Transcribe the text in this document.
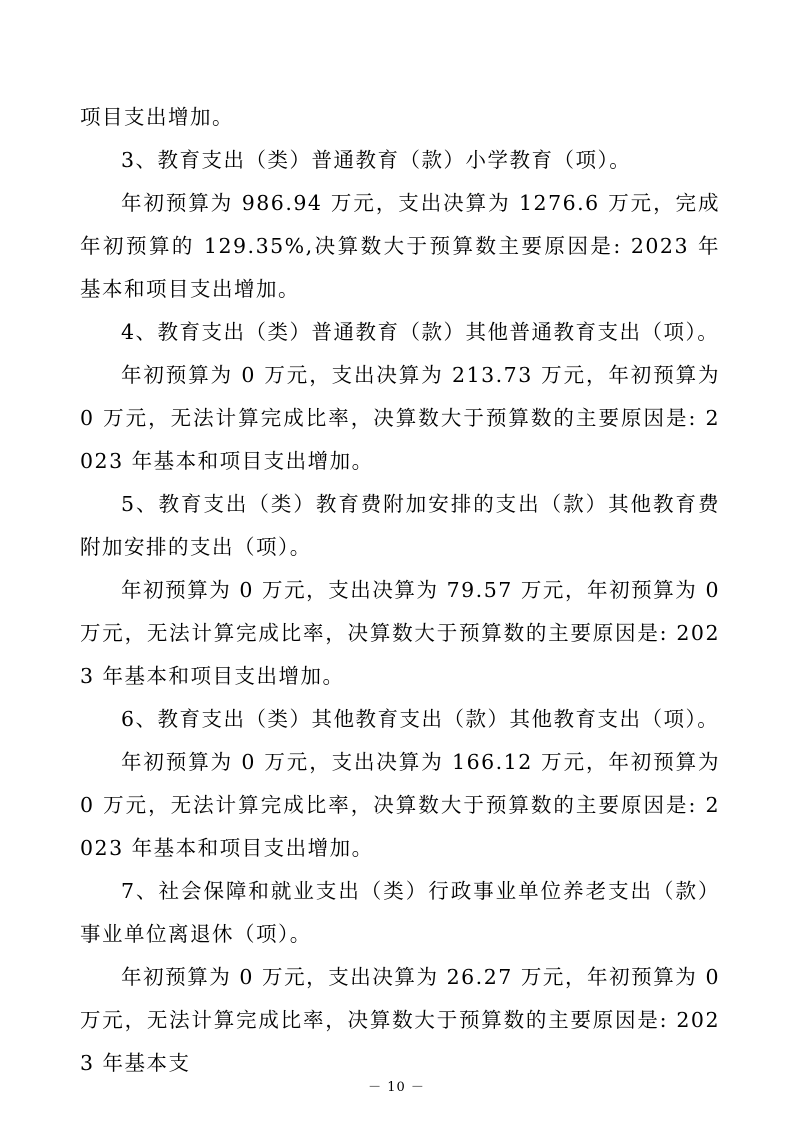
项目支出增加。

3、教育支出（类）普通教育（款）小学教育（项）。

年初预算为 986.94 万元，支出决算为 1276.6 万元，完成年初预算的 129.35%,决算数大于预算数主要原因是: 2023 年基本和项目支出增加。

4、教育支出（类）普通教育（款）其他普通教育支出（项）。

年初预算为 0 万元，支出决算为 213.73 万元，年初预算为 0 万元，无法计算完成比率，决算数大于预算数的主要原因是: 2023 年基本和项目支出增加。

5、教育支出（类）教育费附加安排的支出（款）其他教育费附加安排的支出（项）。

年初预算为 0 万元，支出决算为 79.57 万元，年初预算为 0 万元，无法计算完成比率，决算数大于预算数的主要原因是: 2023 年基本和项目支出增加。

6、教育支出（类）其他教育支出（款）其他教育支出（项）。

年初预算为 0 万元，支出决算为 166.12 万元，年初预算为 0 万元，无法计算完成比率，决算数大于预算数的主要原因是: 2023 年基本和项目支出增加。

7、社会保障和就业支出（类）行政事业单位养老支出（款）事业单位离退休（项）。

年初预算为 0 万元，支出决算为 26.27 万元，年初预算为 0 万元，无法计算完成比率，决算数大于预算数的主要原因是: 2023 年基本支

－ 10 －
